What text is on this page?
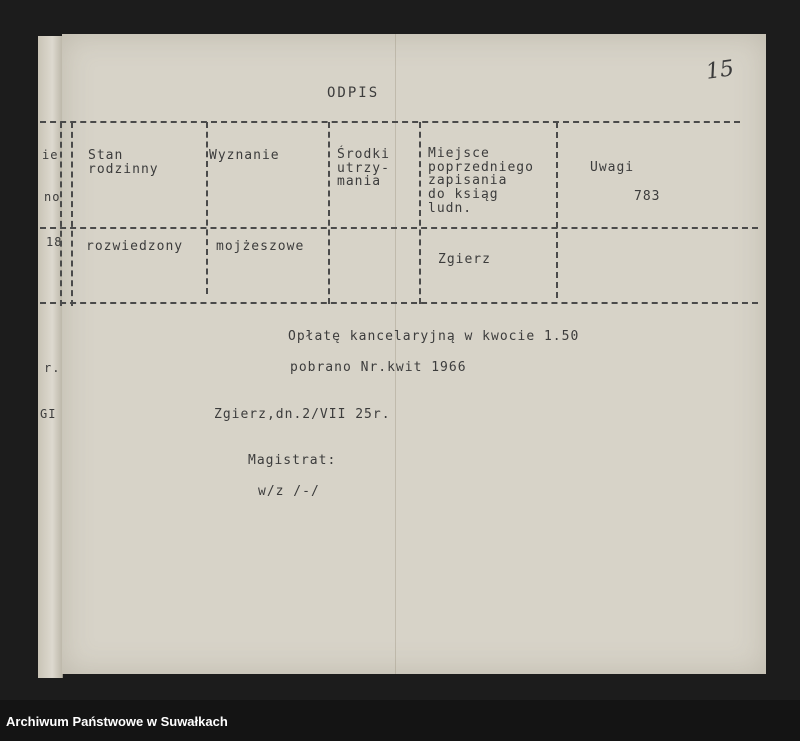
ie
no
18
r.
GI
15
ODPIS
Stan
rodzinny
Wyznanie	Środki
utrzy-
mania
Miejsce
poprzedniego
zapisania
do ksiąg
ludn.
Uwagi
783
rozwiedzony	mojżeszowe
Zgierz
Opłatę kancelaryjną w kwocie 1.50
pobrano Nr.kwit 1966
Zgierz,dn.2/VII 25r.
Magistrat:
w/z /-/
Archiwum Państwowe w Suwałkach
